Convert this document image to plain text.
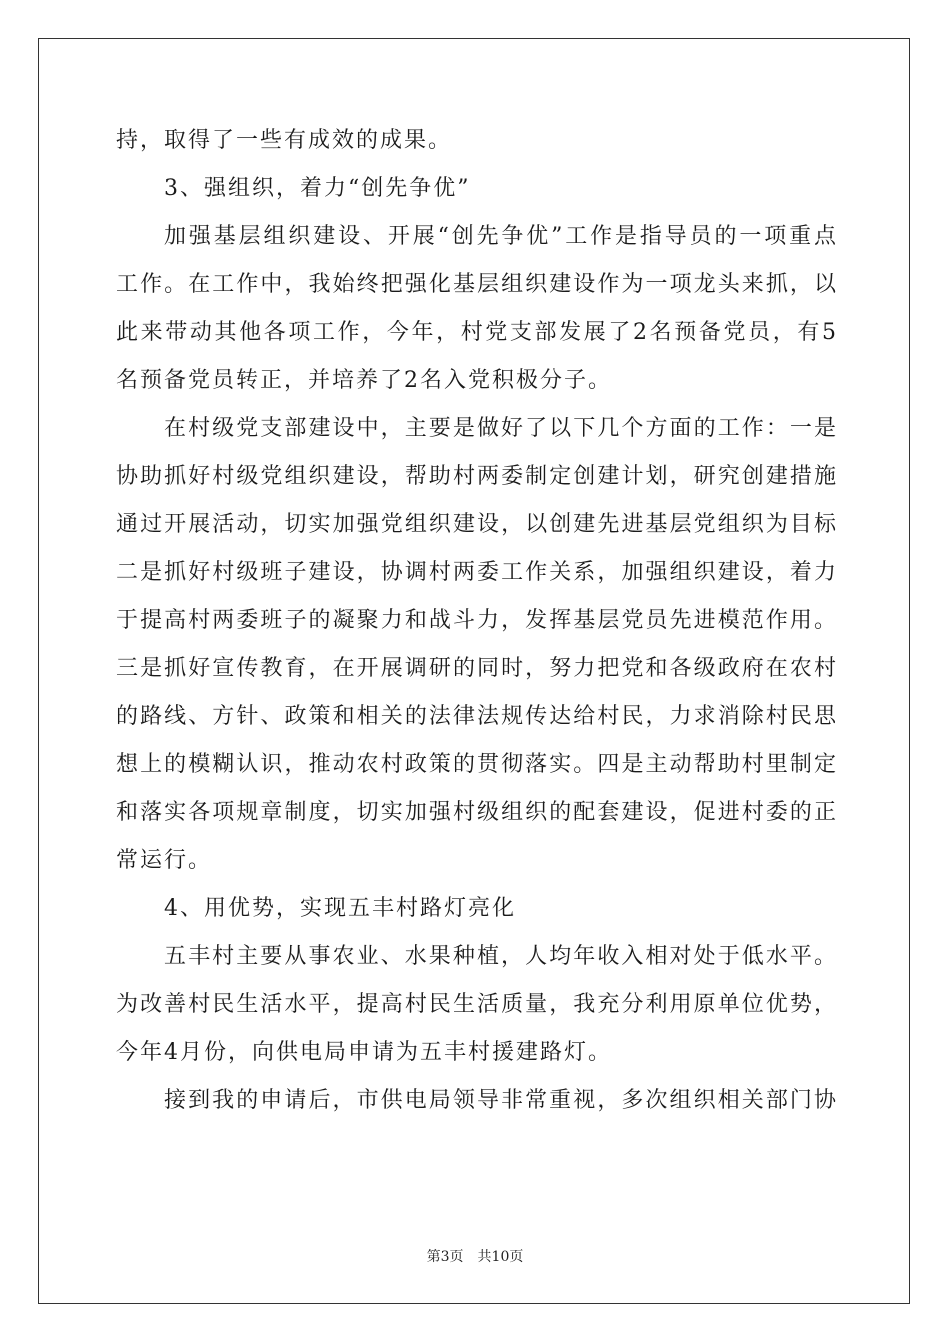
持，取得了一些有成效的成果。
3、强组织，着力“创先争优”
加强基层组织建设、开展“创先争优”工作是指导员的一项重点
工作。在工作中，我始终把强化基层组织建设作为一项龙头来抓，以
此来带动其他各项工作，今年，村党支部发展了2名预备党员，有5
名预备党员转正，并培养了2名入党积极分子。
在村级党支部建设中，主要是做好了以下几个方面的工作：一是
协助抓好村级党组织建设，帮助村两委制定创建计划，研究创建措施
通过开展活动，切实加强党组织建设，以创建先进基层党组织为目标
二是抓好村级班子建设，协调村两委工作关系，加强组织建设，着力
于提高村两委班子的凝聚力和战斗力，发挥基层党员先进模范作用。
三是抓好宣传教育，在开展调研的同时，努力把党和各级政府在农村
的路线、方针、政策和相关的法律法规传达给村民，力求消除村民思
想上的模糊认识，推动农村政策的贯彻落实。四是主动帮助村里制定
和落实各项规章制度，切实加强村级组织的配套建设，促进村委的正
常运行。
4、用优势，实现五丰村路灯亮化
五丰村主要从事农业、水果种植，人均年收入相对处于低水平。
为改善村民生活水平，提高村民生活质量，我充分利用原单位优势，
今年4月份，向供电局申请为五丰村援建路灯。
接到我的申请后，市供电局领导非常重视，多次组织相关部门协
第3页　共10页
